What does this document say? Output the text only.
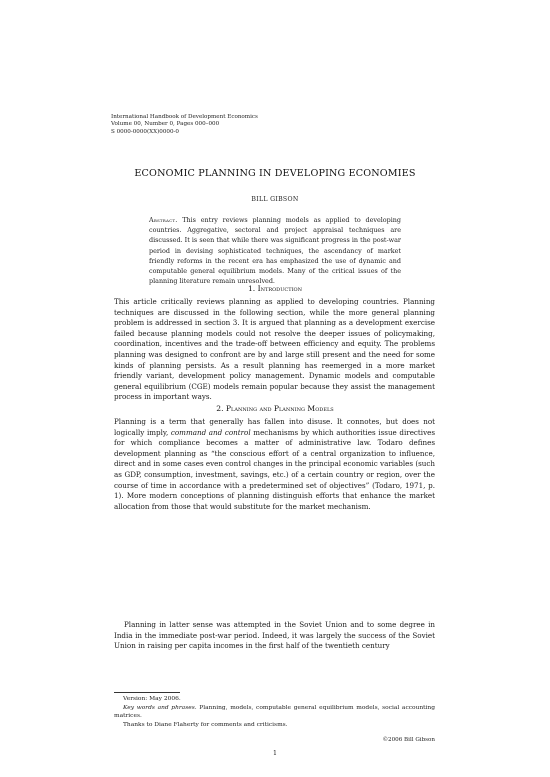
International Handbook of Development Economics
Volume 00, Number 0, Pages 000–000
S 0000-0000(XX)0000-0
ECONOMIC PLANNING IN DEVELOPING ECONOMIES
BILL GIBSON
Abstract. This entry reviews planning models as applied to developing countries. Aggregative, sectoral and project appraisal techniques are discussed. It is seen that while there was significant progress in the post-war period in devising sophisticated techniques, the ascendancy of market friendly reforms in the recent era has emphasized the use of dynamic and computable general equilibrium models. Many of the critical issues of the planning literature remain unresolved.
1. Introduction
This article critically reviews planning as applied to developing countries. Planning techniques are discussed in the following section, while the more general planning problem is addressed in section 3. It is argued that planning as a development exercise failed because planning models could not resolve the deeper issues of policymaking, coordination, incentives and the trade-off between efficiency and equity. The problems planning was designed to confront are by and large still present and the need for some kinds of planning persists. As a result planning has reemerged in a more market friendly variant, development policy management. Dynamic models and computable general equilibrium (CGE) models remain popular because they assist the management process in important ways.
2. Planning and Planning Models
Planning is a term that generally has fallen into disuse. It connotes, but does not logically imply, command and control mechanisms by which authorities issue directives for which compliance becomes a matter of administrative law. Todaro defines development planning as “the conscious effort of a central organization to influence, direct and in some cases even control changes in the principal economic variables (such as GDP, consumption, investment, savings, etc.) of a certain country or region, over the course of time in accordance with a predetermined set of objectives” (Todaro, 1971, p. 1). More modern conceptions of planning distinguish efforts that enhance the market allocation from those that would substitute for the market mechanism.
Planning in latter sense was attempted in the Soviet Union and to some degree in India in the immediate post-war period. Indeed, it was largely the success of the Soviet Union in raising per capita incomes in the first half of the twentieth century

Version: May 2006.

Key words and phrases. Planning, models, computable general equilibrium models, social accounting matrices.

Thanks to Diane Flaherty for comments and criticisms.

©2006 Bill Gibson
1
